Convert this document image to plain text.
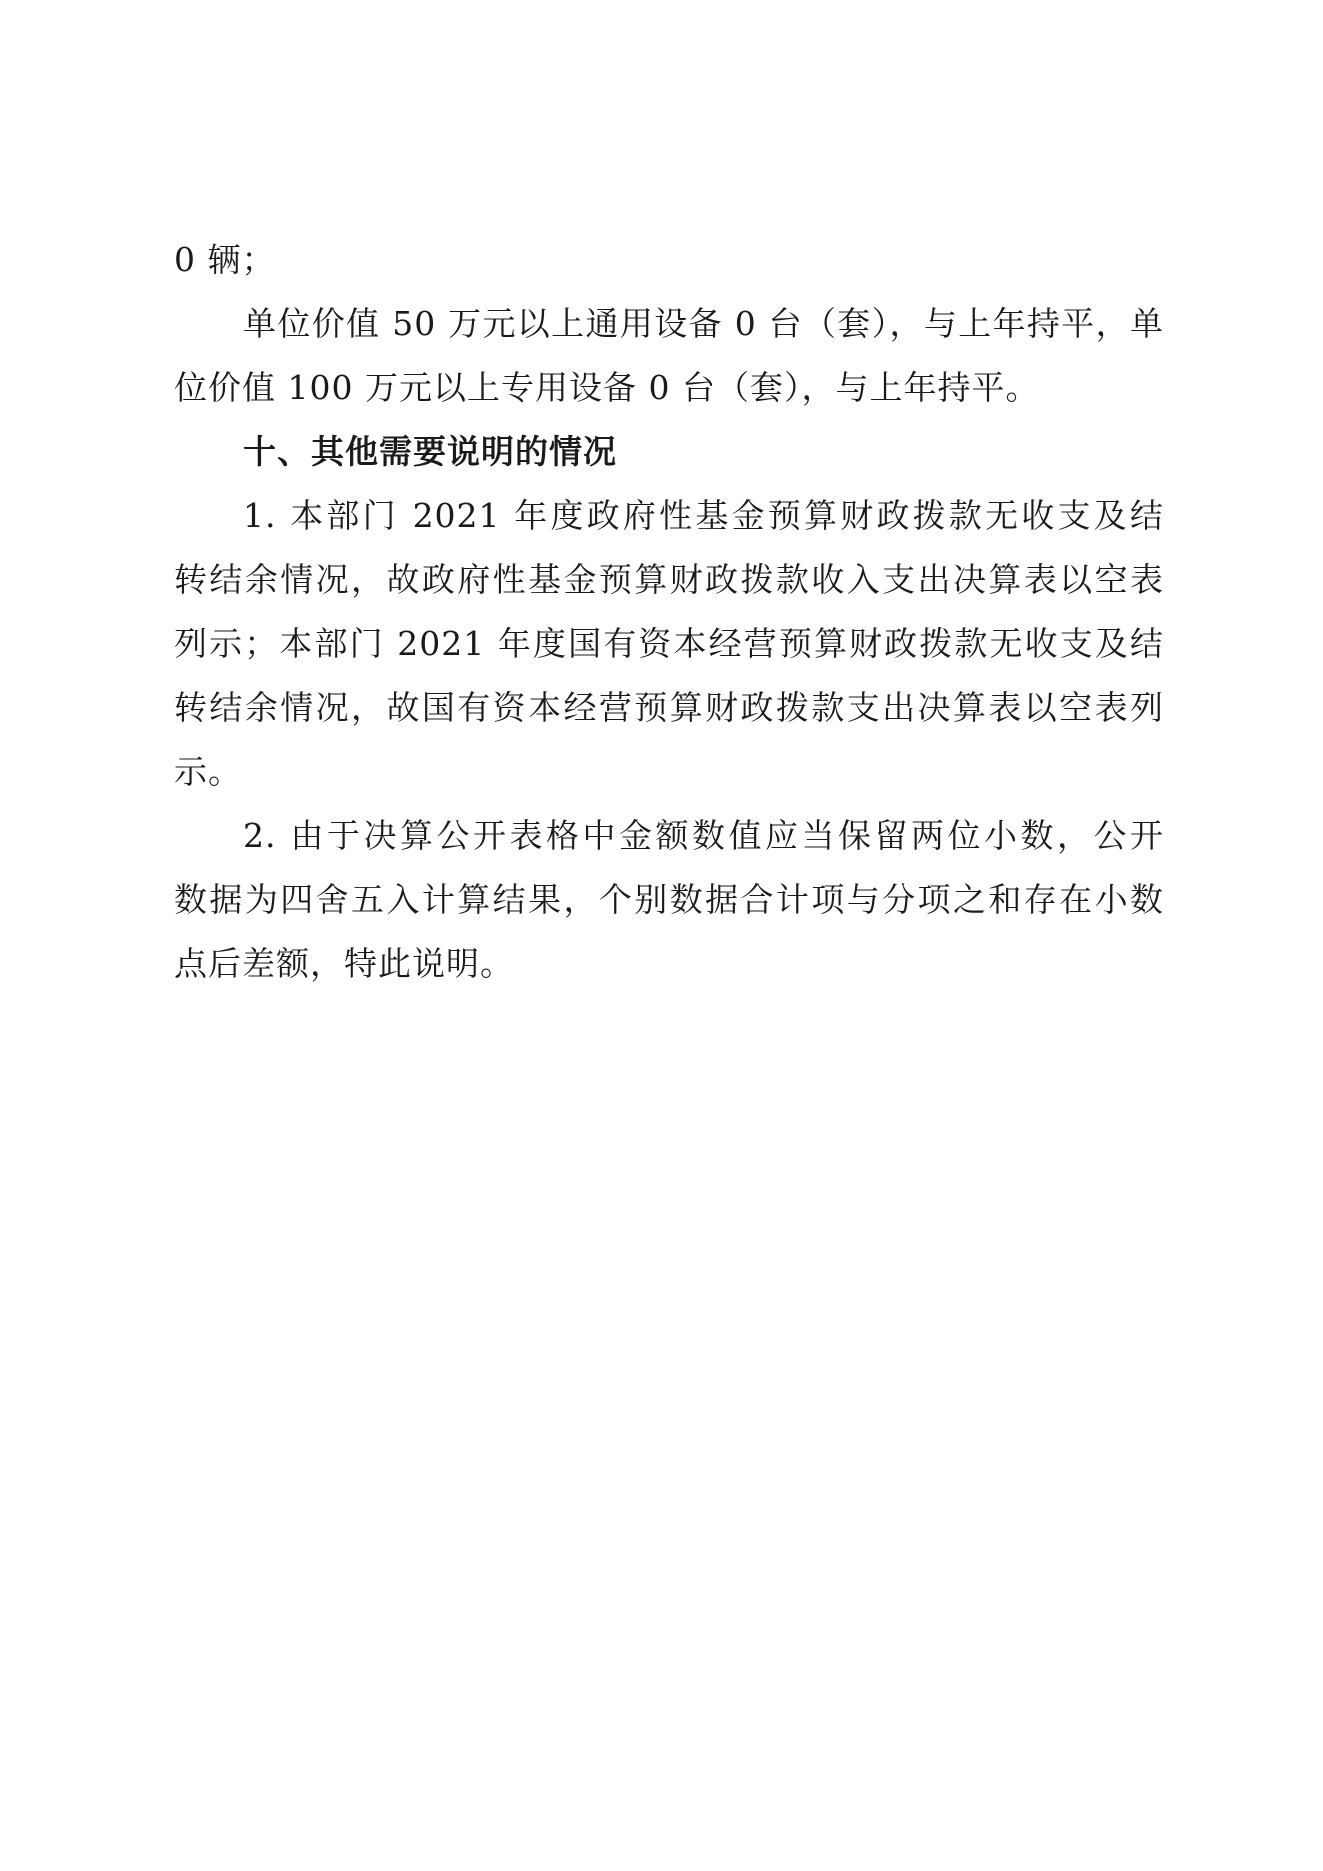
0 辆；
单位价值 50 万元以上通用设备 0 台（套），与上年持平，单
位价值 100 万元以上专用设备 0 台（套），与上年持平。
十、其他需要说明的情况
1. 本部门 2021 年度政府性基金预算财政拨款无收支及结
转结余情况，故政府性基金预算财政拨款收入支出决算表以空表
列示；本部门 2021 年度国有资本经营预算财政拨款无收支及结
转结余情况，故国有资本经营预算财政拨款支出决算表以空表列
示。
2. 由于决算公开表格中金额数值应当保留两位小数，公开
数据为四舍五入计算结果，个别数据合计项与分项之和存在小数
点后差额，特此说明。
